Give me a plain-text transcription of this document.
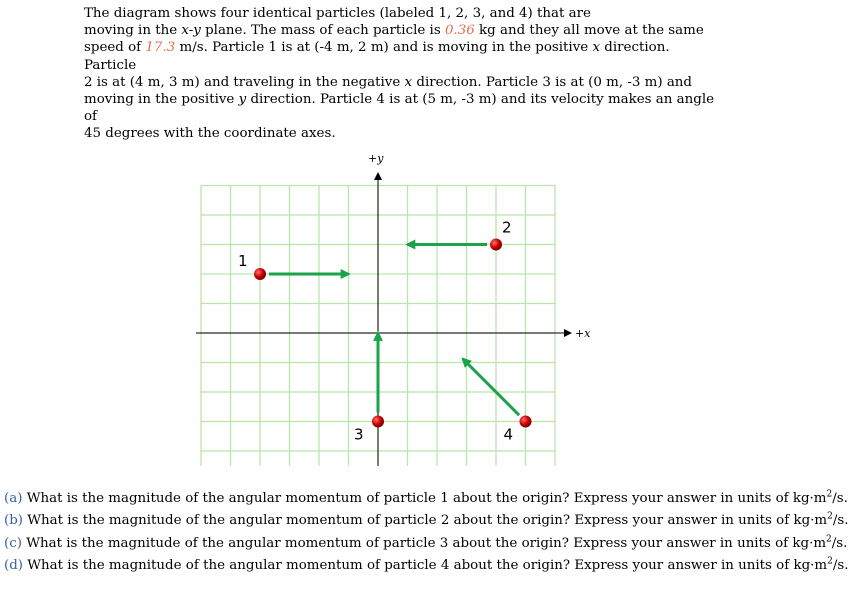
The diagram shows four identical particles (labeled 1, 2, 3, and 4) that are
moving in the x-y plane. The mass of each particle is 0.36 kg and they all move at the same
speed of 17.3 m/s. Particle 1 is at (-4 m, 2 m) and is moving in the positive x direction. Particle
2 is at (4 m, 3 m) and traveling in the negative x direction. Particle 3 is at (0 m, -3 m) and
moving in the positive y direction. Particle 4 is at (5 m, -3 m) and its velocity makes an angle of
45 degrees with the coordinate axes.
+y
+x
1
2
3	4
(a) What is the magnitude of the angular momentum of particle 1 about the origin? Express your answer in units of $kg\cdot m^2/s$.
(b) What is the magnitude of the angular momentum of particle 2 about the origin? Express your answer in units of $kg\cdot m^2/s$.
(c) What is the magnitude of the angular momentum of particle 3 about the origin? Express your answer in units of $kg\cdot m^2/s$.
(d) What is the magnitude of the angular momentum of particle 4 about the origin? Express your answer in units of $kg\cdot m^2/s$.
